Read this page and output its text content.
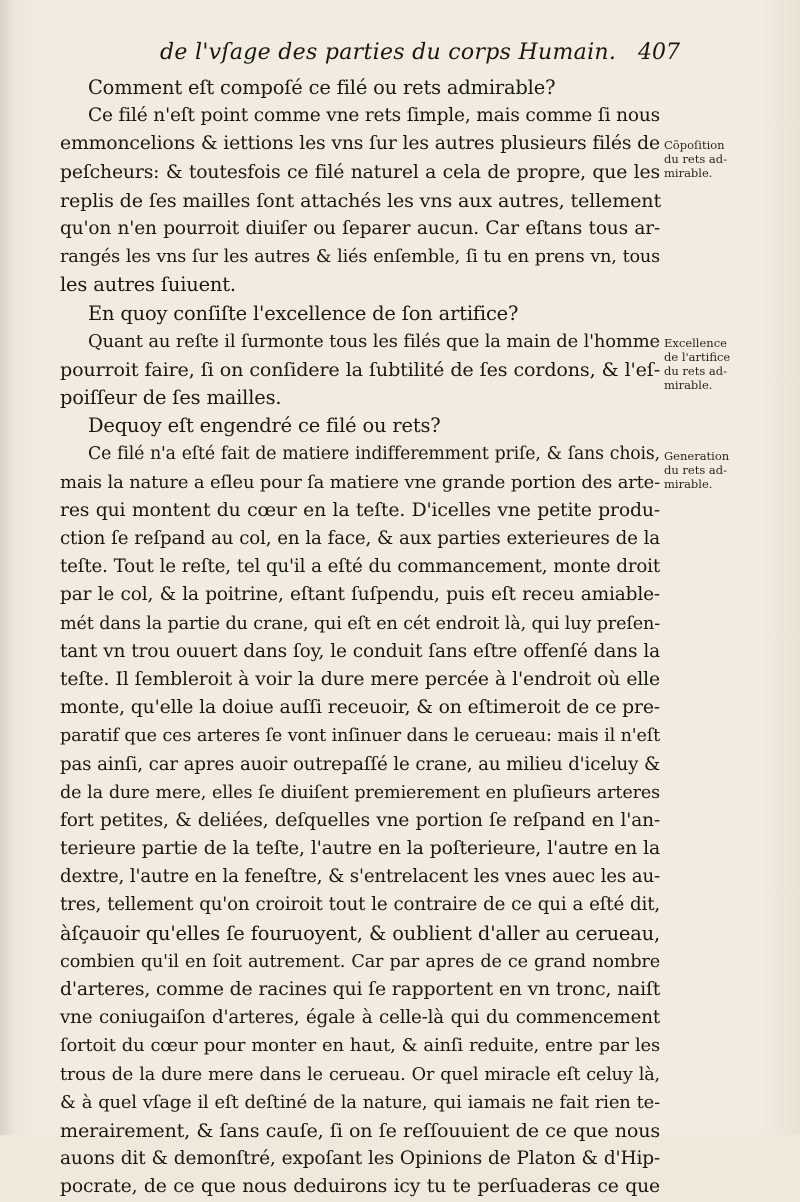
de l'vſage des parties du corps Humain. 407
Comment eſt compoſé ce filé ou rets admirable?
Ce filé n'eſt point comme vne rets ſimple, mais comme ſi nous
emmoncelions & iettions les vns ſur les autres plusieurs filés de
peſcheurs: & toutesfois ce filé naturel a cela de propre, que les
replis de ſes mailles ſont attachés les vns aux autres, tellement
qu'on n'en pourroit diuiſer ou ſeparer aucun. Car eſtans tous ar-
rangés les vns ſur les autres & liés enſemble, ſi tu en prens vn, tous
les autres ſuiuent.
En quoy conſiſte l'excellence de ſon artifice?
Quant au reſte il ſurmonte tous les filés que la main de l'homme
pourroit faire, ſi on conſidere la ſubtilité de ſes cordons, & l'eſ-
poiſſeur de ſes mailles.
Dequoy eſt engendré ce filé ou rets?
Ce filé n'a eſté fait de matiere indifferemment priſe, & ſans chois,
mais la nature a eſleu pour ſa matiere vne grande portion des arte-
res qui montent du cœur en la teſte. D'icelles vne petite produ-
ction ſe reſpand au col, en la face, & aux parties exterieures de la
teſte. Tout le reſte, tel qu'il a eſté du commancement, monte droit
par le col, & la poitrine, eſtant ſuſpendu, puis eſt receu amiable-
mét dans la partie du crane, qui eſt en cét endroit là, qui luy preſen-
tant vn trou ouuert dans ſoy, le conduit ſans eſtre offenſé dans la
teſte. Il ſembleroit à voir la dure mere percée à l'endroit où elle
monte, qu'elle la doiue auſſi receuoir, & on eſtimeroit de ce pre-
paratif que ces arteres ſe vont inſinuer dans le cerueau: mais il n'eſt
pas ainſi, car apres auoir outrepaſſé le crane, au milieu d'iceluy &
de la dure mere, elles ſe diuiſent premierement en pluſieurs arteres
fort petites, & deliées, deſquelles vne portion ſe reſpand en l'an-
terieure partie de la teſte, l'autre en la poſterieure, l'autre en la
dextre, l'autre en la feneſtre, & s'entrelacent les vnes auec les au-
tres, tellement qu'on croiroit tout le contraire de ce qui a eſté dit,
àſçauoir qu'elles ſe fouruoyent, & oublient d'aller au cerueau,
combien qu'il en ſoit autrement. Car par apres de ce grand nombre
d'arteres, comme de racines qui ſe rapportent en vn tronc, naiſt
vne coniugaiſon d'arteres, égale à celle-là qui du commencement
ſortoit du cœur pour monter en haut, & ainſi reduite, entre par les
trous de la dure mere dans le cerueau. Or quel miracle eſt celuy là,
& à quel vſage il eſt deſtiné de la nature, qui iamais ne fait rien te-
merairement, & ſans cauſe, ſi on ſe reſſouuient de ce que nous
auons dit & demonſtré, expoſant les Opinions de Platon & d'Hip-
pocrate, de ce que nous deduirons icy tu te perſuaderas ce que
Cõpoſition
du rets ad-
mirable.
Excellence
de l'artifice
du rets ad-
mirable.
Generation
du rets ad-
mirable.
